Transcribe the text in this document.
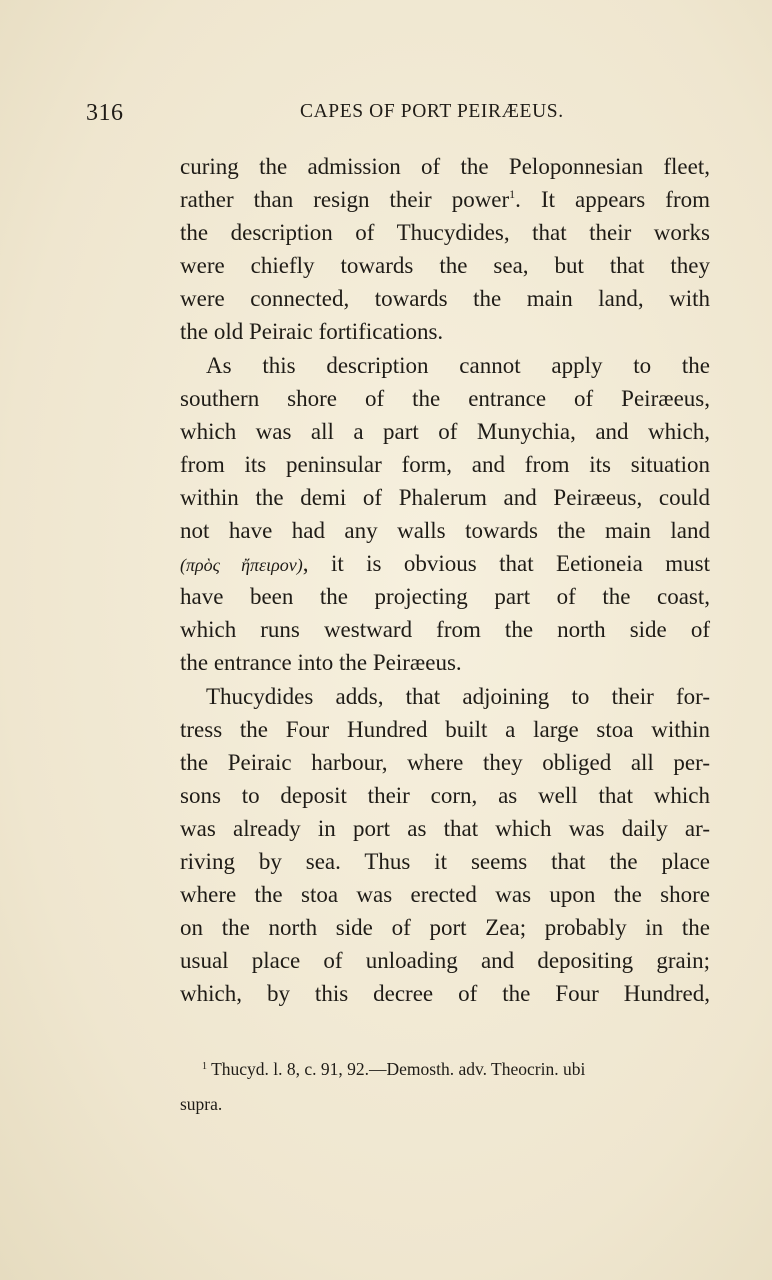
316	CAPES OF PORT PEIRÆEUS.
curing the admission of the Peloponnesian fleet,
rather than resign their power$^1$. It appears from
the description of Thucydides, that their works
were chiefly towards the sea, but that they
were connected, towards the main land, with
the old Peiraic fortifications.
As this description cannot apply to the
southern shore of the entrance of Peiræeus,
which was all a part of Munychia, and which,
from its peninsular form, and from its situation
within the demi of Phalerum and Peiræeus, could
not have had any walls towards the main land
(πρὸς ἤπειρον), it is obvious that Eetioneia must
have been the projecting part of the coast,
which runs westward from the north side of
the entrance into the Peiræeus.
Thucydides adds, that adjoining to their for-
tress the Four Hundred built a large stoa within
the Peiraic harbour, where they obliged all per-
sons to deposit their corn, as well that which
was already in port as that which was daily ar-
riving by sea. Thus it seems that the place
where the stoa was erected was upon the shore
on the north side of port Zea; probably in the
usual place of unloading and depositing grain;
which, by this decree of the Four Hundred,
$^1$ Thucyd. l. 8, c. 91, 92.—Demosth. adv. Theocrin. ubi
supra.
